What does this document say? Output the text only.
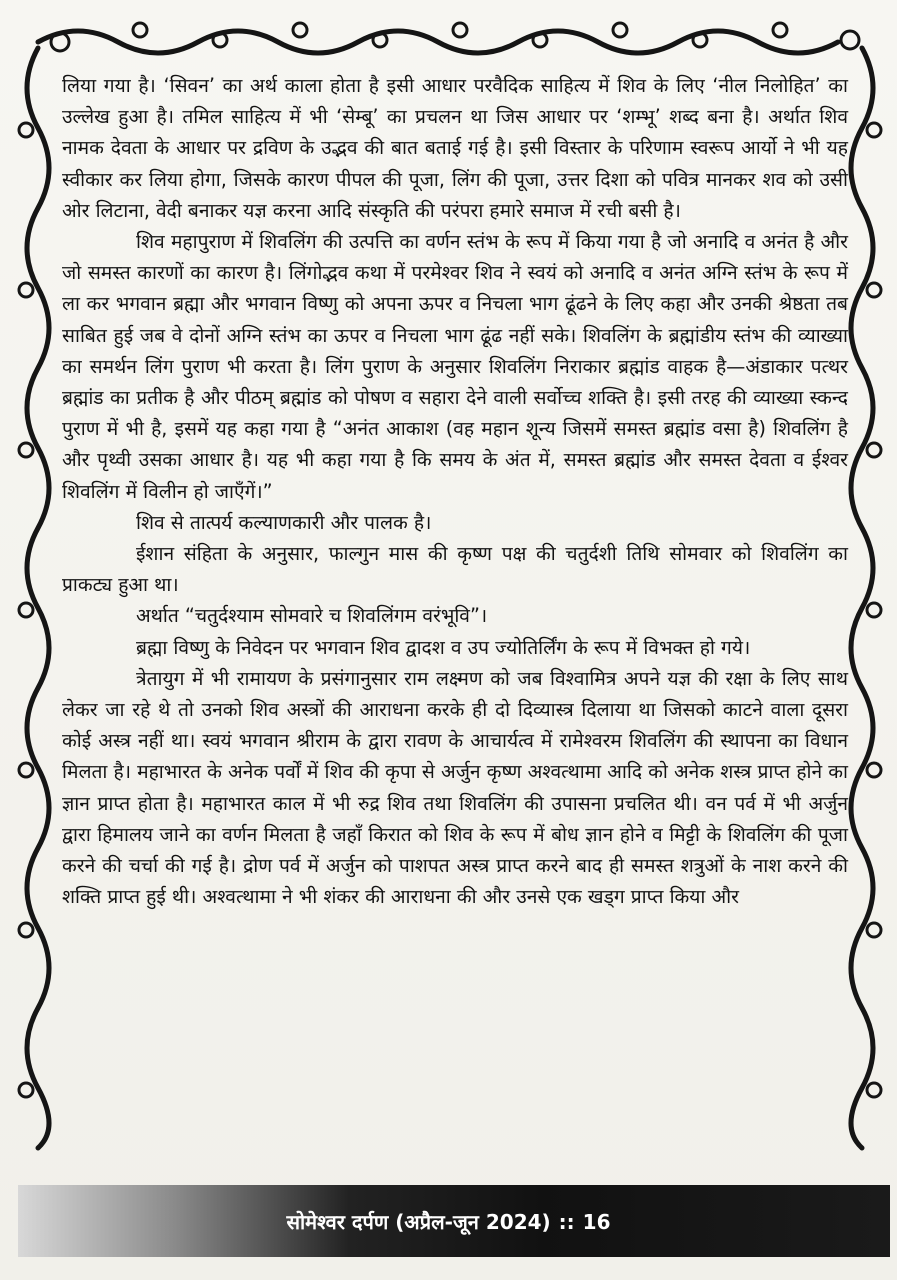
लिया गया है। ‘सिवन’ का अर्थ काला होता है इसी आधार परवैदिक साहित्य में शिव के लिए ‘नील निलोहित’ का उल्लेख हुआ है। तमिल साहित्य में भी ‘सेम्बू’ का प्रचलन था जिस आधार पर ‘शम्भू’ शब्द बना है। अर्थात शिव नामक देवता के आधार पर द्रविण के उद्भव की बात बताई गई है। इसी विस्तार के परिणाम स्वरूप आर्यो ने भी यह स्वीकार कर लिया होगा, जिसके कारण पीपल की पूजा, लिंग की पूजा, उत्तर दिशा को पवित्र मानकर शव को उसी ओर लिटाना, वेदी बनाकर यज्ञ करना आदि संस्कृति की परंपरा हमारे समाज में रची बसी है।

शिव महापुराण में शिवलिंग की उत्पत्ति का वर्णन स्तंभ के रूप में किया गया है जो अनादि व अनंत है और जो समस्त कारणों का कारण है। लिंगोद्भव कथा में परमेश्वर शिव ने स्वयं को अनादि व अनंत अग्नि स्तंभ के रूप में ला कर भगवान ब्रह्मा और भगवान विष्णु को अपना ऊपर व निचला भाग ढूंढने के लिए कहा और उनकी श्रेष्ठता तब साबित हुई जब वे दोनों अग्नि स्तंभ का ऊपर व निचला भाग ढूंढ नहीं सके। शिवलिंग के ब्रह्मांडीय स्तंभ की व्याख्या का समर्थन लिंग पुराण भी करता है। लिंग पुराण के अनुसार शिवलिंग निराकार ब्रह्मांड वाहक है—अंडाकार पत्थर ब्रह्मांड का प्रतीक है और पीठम् ब्रह्मांड को पोषण व सहारा देने वाली सर्वोच्च शक्ति है। इसी तरह की व्याख्या स्कन्द पुराण में भी है, इसमें यह कहा गया है “अनंत आकाश (वह महान शून्य जिसमें समस्त ब्रह्मांड वसा है) शिवलिंग है और पृथ्वी उसका आधार है। यह भी कहा गया है कि समय के अंत में, समस्त ब्रह्मांड और समस्त देवता व ईश्वर शिवलिंग में विलीन हो जाएँगें।”

शिव से तात्पर्य कल्याणकारी और पालक है।

ईशान संहिता के अनुसार, फाल्गुन मास की कृष्ण पक्ष की चतुर्दशी तिथि सोमवार को शिवलिंग का प्राकट्य हुआ था।

अर्थात “चतुर्दश्याम सोमवारे च शिवलिंगम वरंभूवि”।

ब्रह्मा विष्णु के निवेदन पर भगवान शिव द्वादश व उप ज्योतिर्लिंग के रूप में विभक्त हो गये।

त्रेतायुग में भी रामायण के प्रसंगानुसार राम लक्ष्मण को जब विश्वामित्र अपने यज्ञ की रक्षा के लिए साथ लेकर जा रहे थे तो उनको शिव अस्त्रों की आराधना करके ही दो दिव्यास्त्र दिलाया था जिसको काटने वाला दूसरा कोई अस्त्र नहीं था। स्वयं भगवान श्रीराम के द्वारा रावण के आचार्यत्व में रामेश्वरम शिवलिंग की स्थापना का विधान मिलता है। महाभारत के अनेक पर्वों में शिव की कृपा से अर्जुन कृष्ण अश्वत्थामा आदि को अनेक शस्त्र प्राप्त होने का ज्ञान प्राप्त होता है। महाभारत काल में भी रुद्र शिव तथा शिवलिंग की उपासना प्रचलित थी। वन पर्व में भी अर्जुन द्वारा हिमालय जाने का वर्णन मिलता है जहाँ किरात को शिव के रूप में बोध ज्ञान होने व मिट्टी के शिवलिंग की पूजा करने की चर्चा की गई है। द्रोण पर्व में अर्जुन को पाशपत अस्त्र प्राप्त करने बाद ही समस्त शत्रुओं के नाश करने की शक्ति प्राप्त हुई थी। अश्वत्थामा ने भी शंकर की आराधना की और उनसे एक खड्ग प्राप्त किया और

सोमेश्वर दर्पण (अप्रैल-जून 2024) :: 16
